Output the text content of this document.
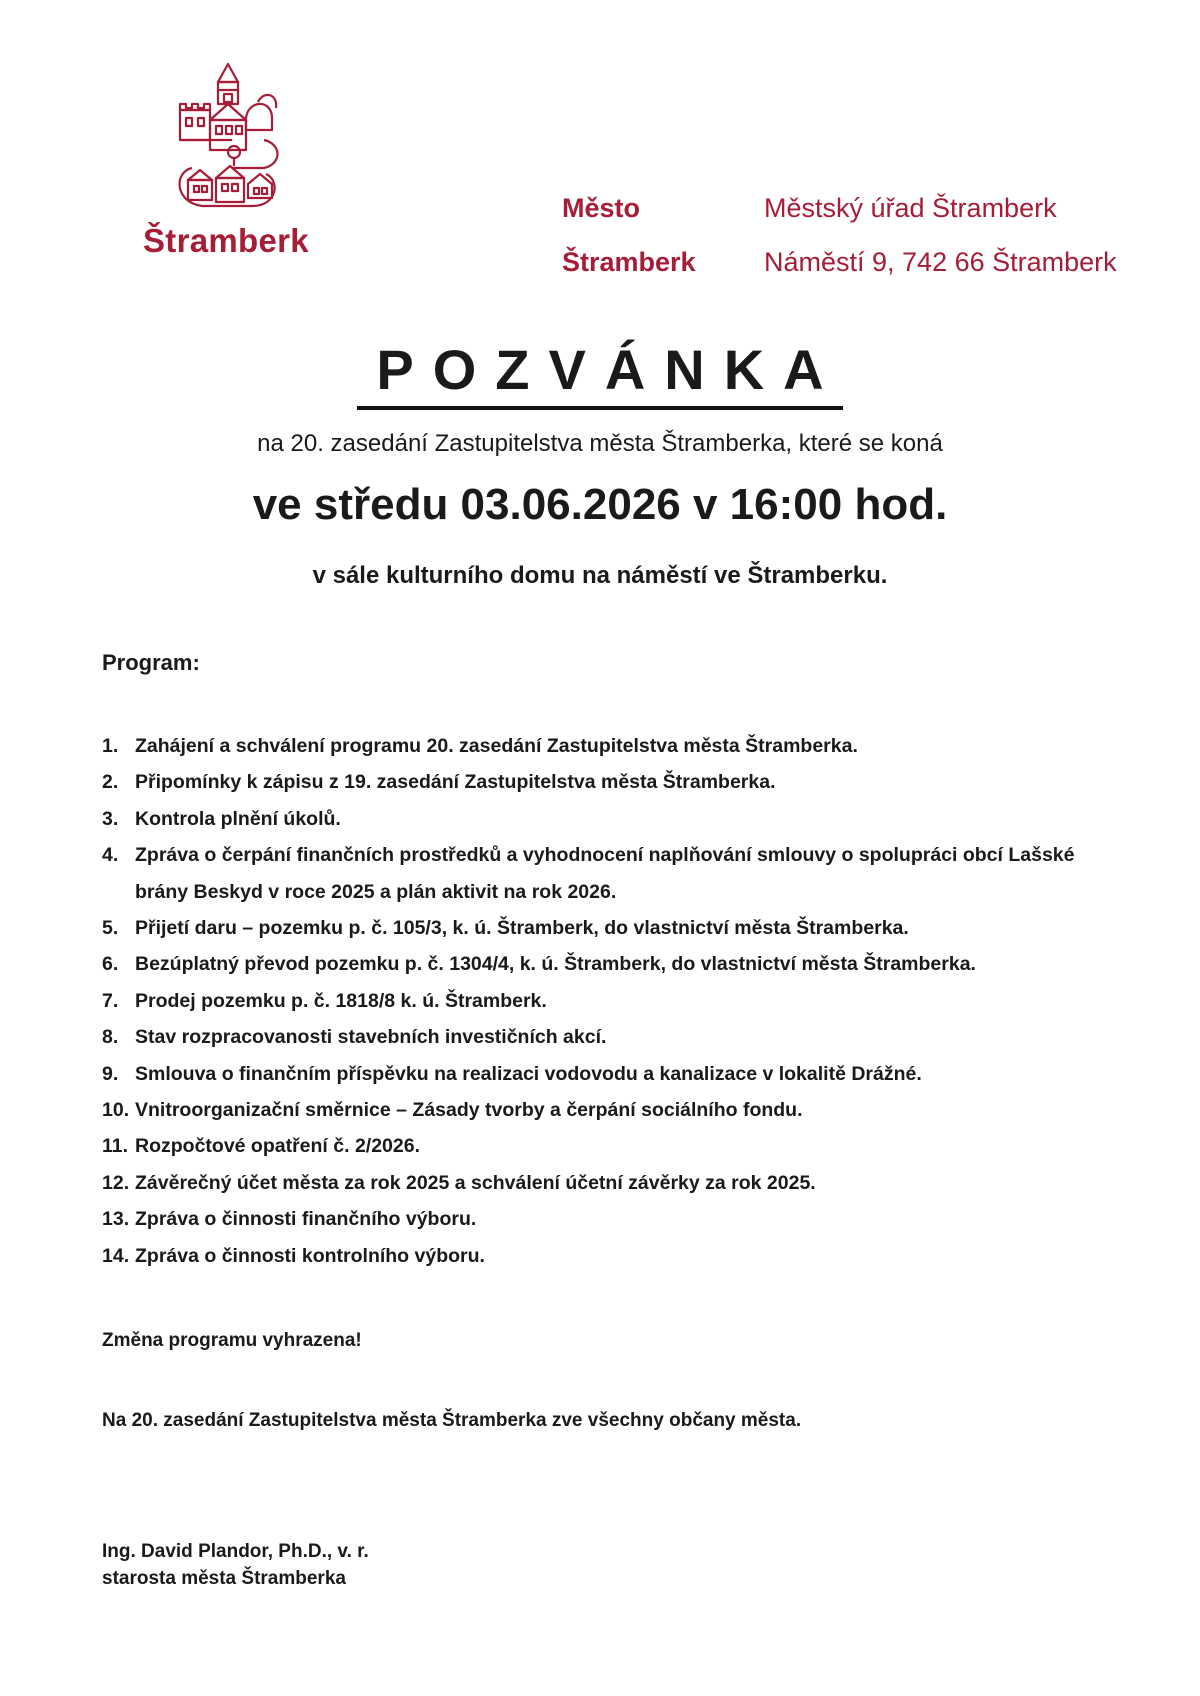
Štramberk
Město
Štramberk
Městský úřad Štramberk
Náměstí 9, 742 66 Štramberk
POZVÁNKA
na 20. zasedání Zastupitelstva města Štramberka, které se koná
ve středu 03.06.2026 v 16:00 hod.
v sále kulturního domu na náměstí ve Štramberku.
Program:
1. Zahájení a schválení programu 20. zasedání Zastupitelstva města Štramberka.
2. Připomínky k zápisu z 19. zasedání Zastupitelstva města Štramberka.
3. Kontrola plnění úkolů.
4. Zpráva o čerpání finančních prostředků a vyhodnocení naplňování smlouvy o spolupráci obcí Lašské brány Beskyd v roce 2025 a plán aktivit na rok 2026.
5. Přijetí daru – pozemku p. č. 105/3, k. ú. Štramberk, do vlastnictví města Štramberka.
6. Bezúplatný převod pozemku p. č. 1304/4, k. ú. Štramberk, do vlastnictví města Štramberka.
7. Prodej pozemku p. č. 1818/8 k. ú. Štramberk.
8. Stav rozpracovanosti stavebních investičních akcí.
9. Smlouva o finančním příspěvku na realizaci vodovodu a kanalizace v lokalitě Drážné.
10. Vnitroorganizační směrnice – Zásady tvorby a čerpání sociálního fondu.
11. Rozpočtové opatření č. 2/2026.
12. Závěrečný účet města za rok 2025 a schválení účetní závěrky za rok 2025.
13. Zpráva o činnosti finančního výboru.
14. Zpráva o činnosti kontrolního výboru.
Změna programu vyhrazena!
Na 20. zasedání Zastupitelstva města Štramberka zve všechny občany města.
Ing. David Plandor, Ph.D., v. r.
starosta města Štramberka
